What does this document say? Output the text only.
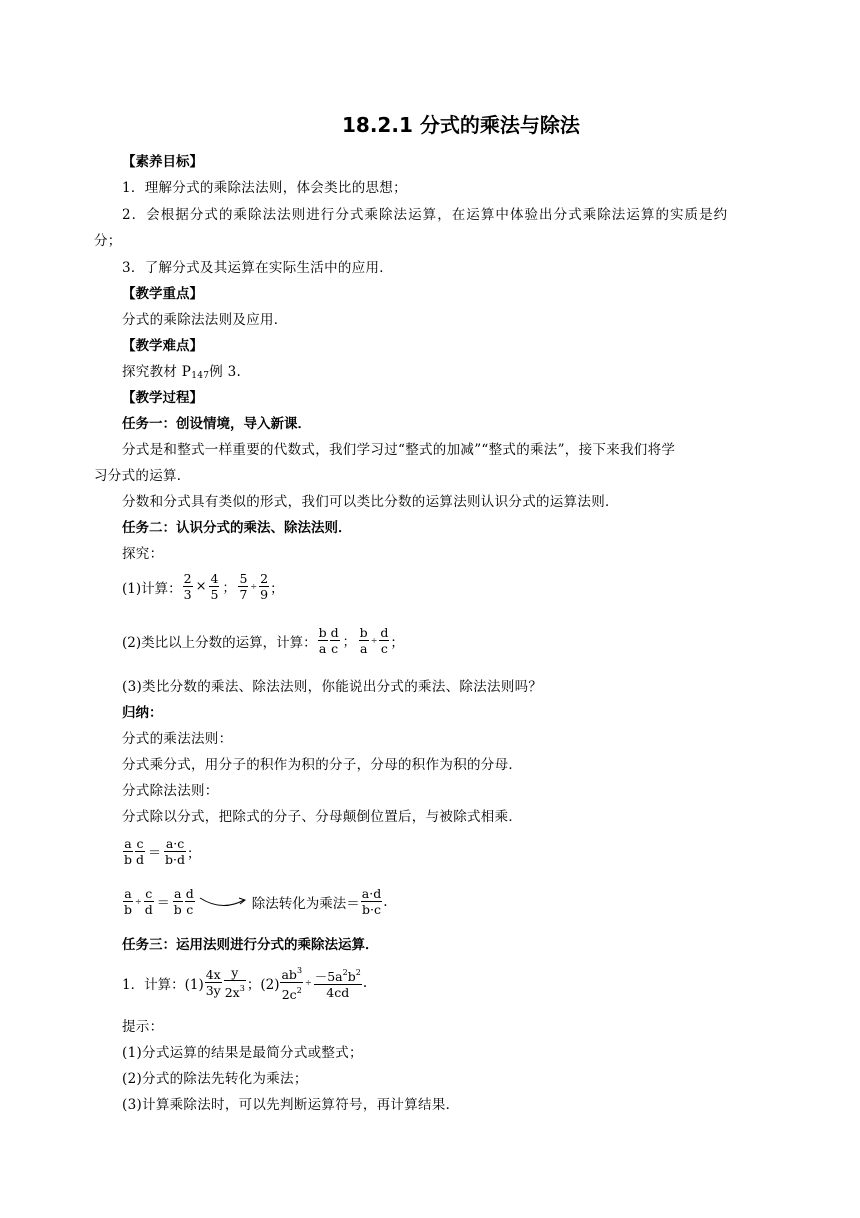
18.2.1 分式的乘法与除法
【素养目标】
1．理解分式的乘除法法则，体会类比的思想；
2．会根据分式的乘除法法则进行分式乘除法运算，在运算中体验出分式乘除法运算的实质是约
分；
3．了解分式及其运算在实际生活中的应用．
【教学重点】
分式的乘除法法则及应用．
【教学难点】
探究教材 $P_{147}$例 3.
【教学过程】
任务一：创设情境，导入新课．
分式是和整式一样重要的代数式，我们学习过“整式的加减”“整式的乘法”，接下来我们将学
习分式的运算．
分数和分式具有类似的形式，我们可以类比分数的运算法则认识分式的运算法则．
任务二：认识分式的乘法、除法法则．
探究：
(1)计算： $\frac{2}{3} \times \frac{4}{5}$ ； $\frac{5}{7} \div \frac{2}{9}$ ；
(2)类比以上分数的运算，计算：
b
a
d
c ； $\frac{b}{a} \div \frac{d}{c}$ ；
(3)类比分数的乘法、除法法则，你能说出分式的乘法、除法法则吗？
归纳：
分式的乘法法则：
分式乘分式，用分子的积作为积的分子，分母的积作为积的分母．
分式除法法则：
分式除以分式，把除式的分子、分母颠倒位置后，与被除式相乘．
a
b
c
d ＝
a·c
b·d ；
$\frac{a}{b} \div \frac{c}{d}$ ＝
a
b
d
c	除法转化为乘法＝
a·d
b·c .
任务三：运用法则进行分式的乘除法运算．
1．计算：(1)
4x
3y
y
$2x^3$ ；$(2) \frac{ab^3}{2c^2} \div \frac{-5a^2b^2}{4cd}$ .
提示：
(1)分式运算的结果是最简分式或整式；
(2)分式的除法先转化为乘法；
(3)计算乘除法时，可以先判断运算符号，再计算结果．
